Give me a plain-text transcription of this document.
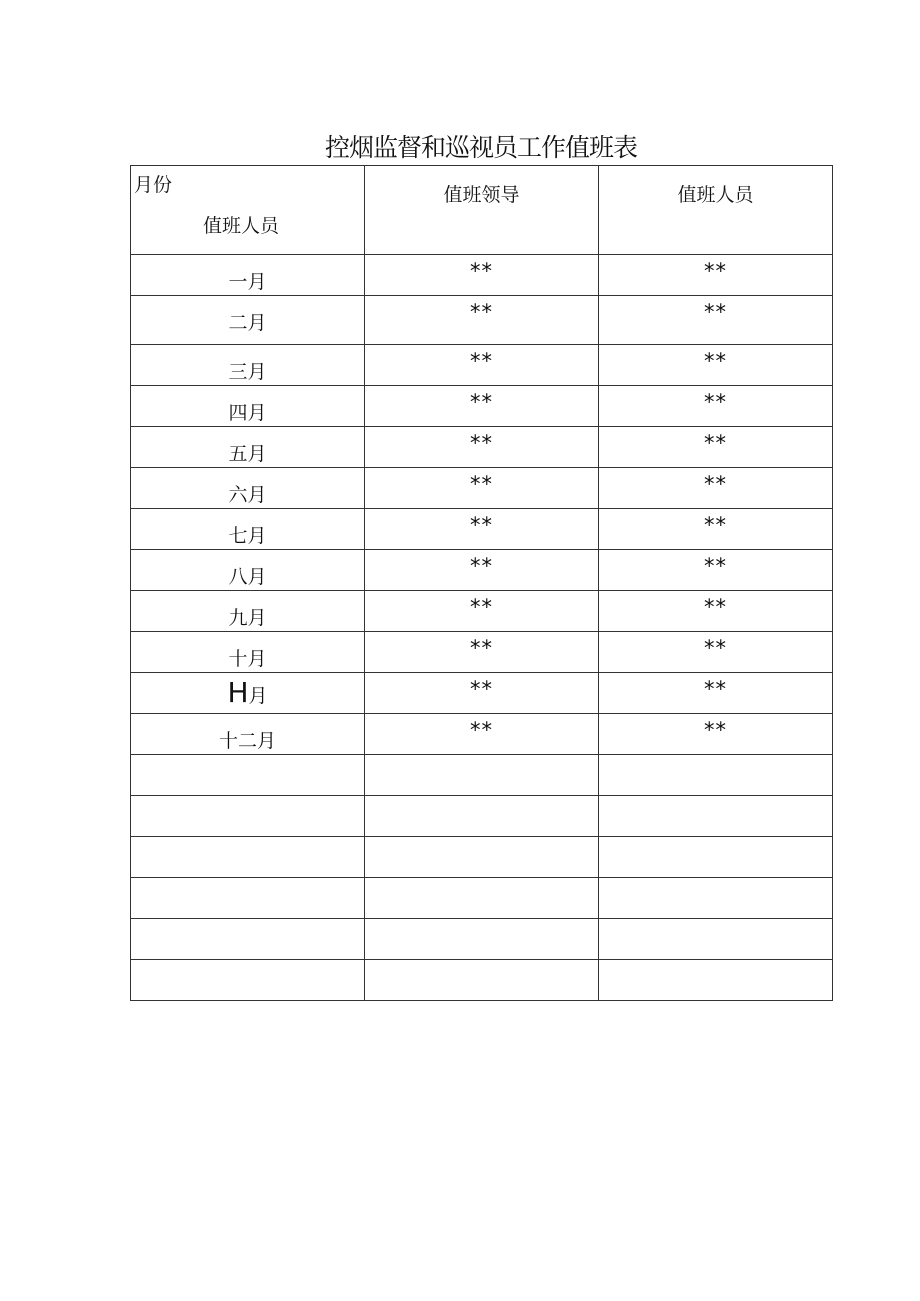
控烟监督和巡视员工作值班表
月份
值班人员	值班领导	值班人员

一月	**	**

二月	**	**

三月	**	**

四月	**	**

五月	**	**

六月	**	**

七月	**	**

八月	**	**

九月	**	**

十月	**	**

H月	**	**

十二月	**	**
